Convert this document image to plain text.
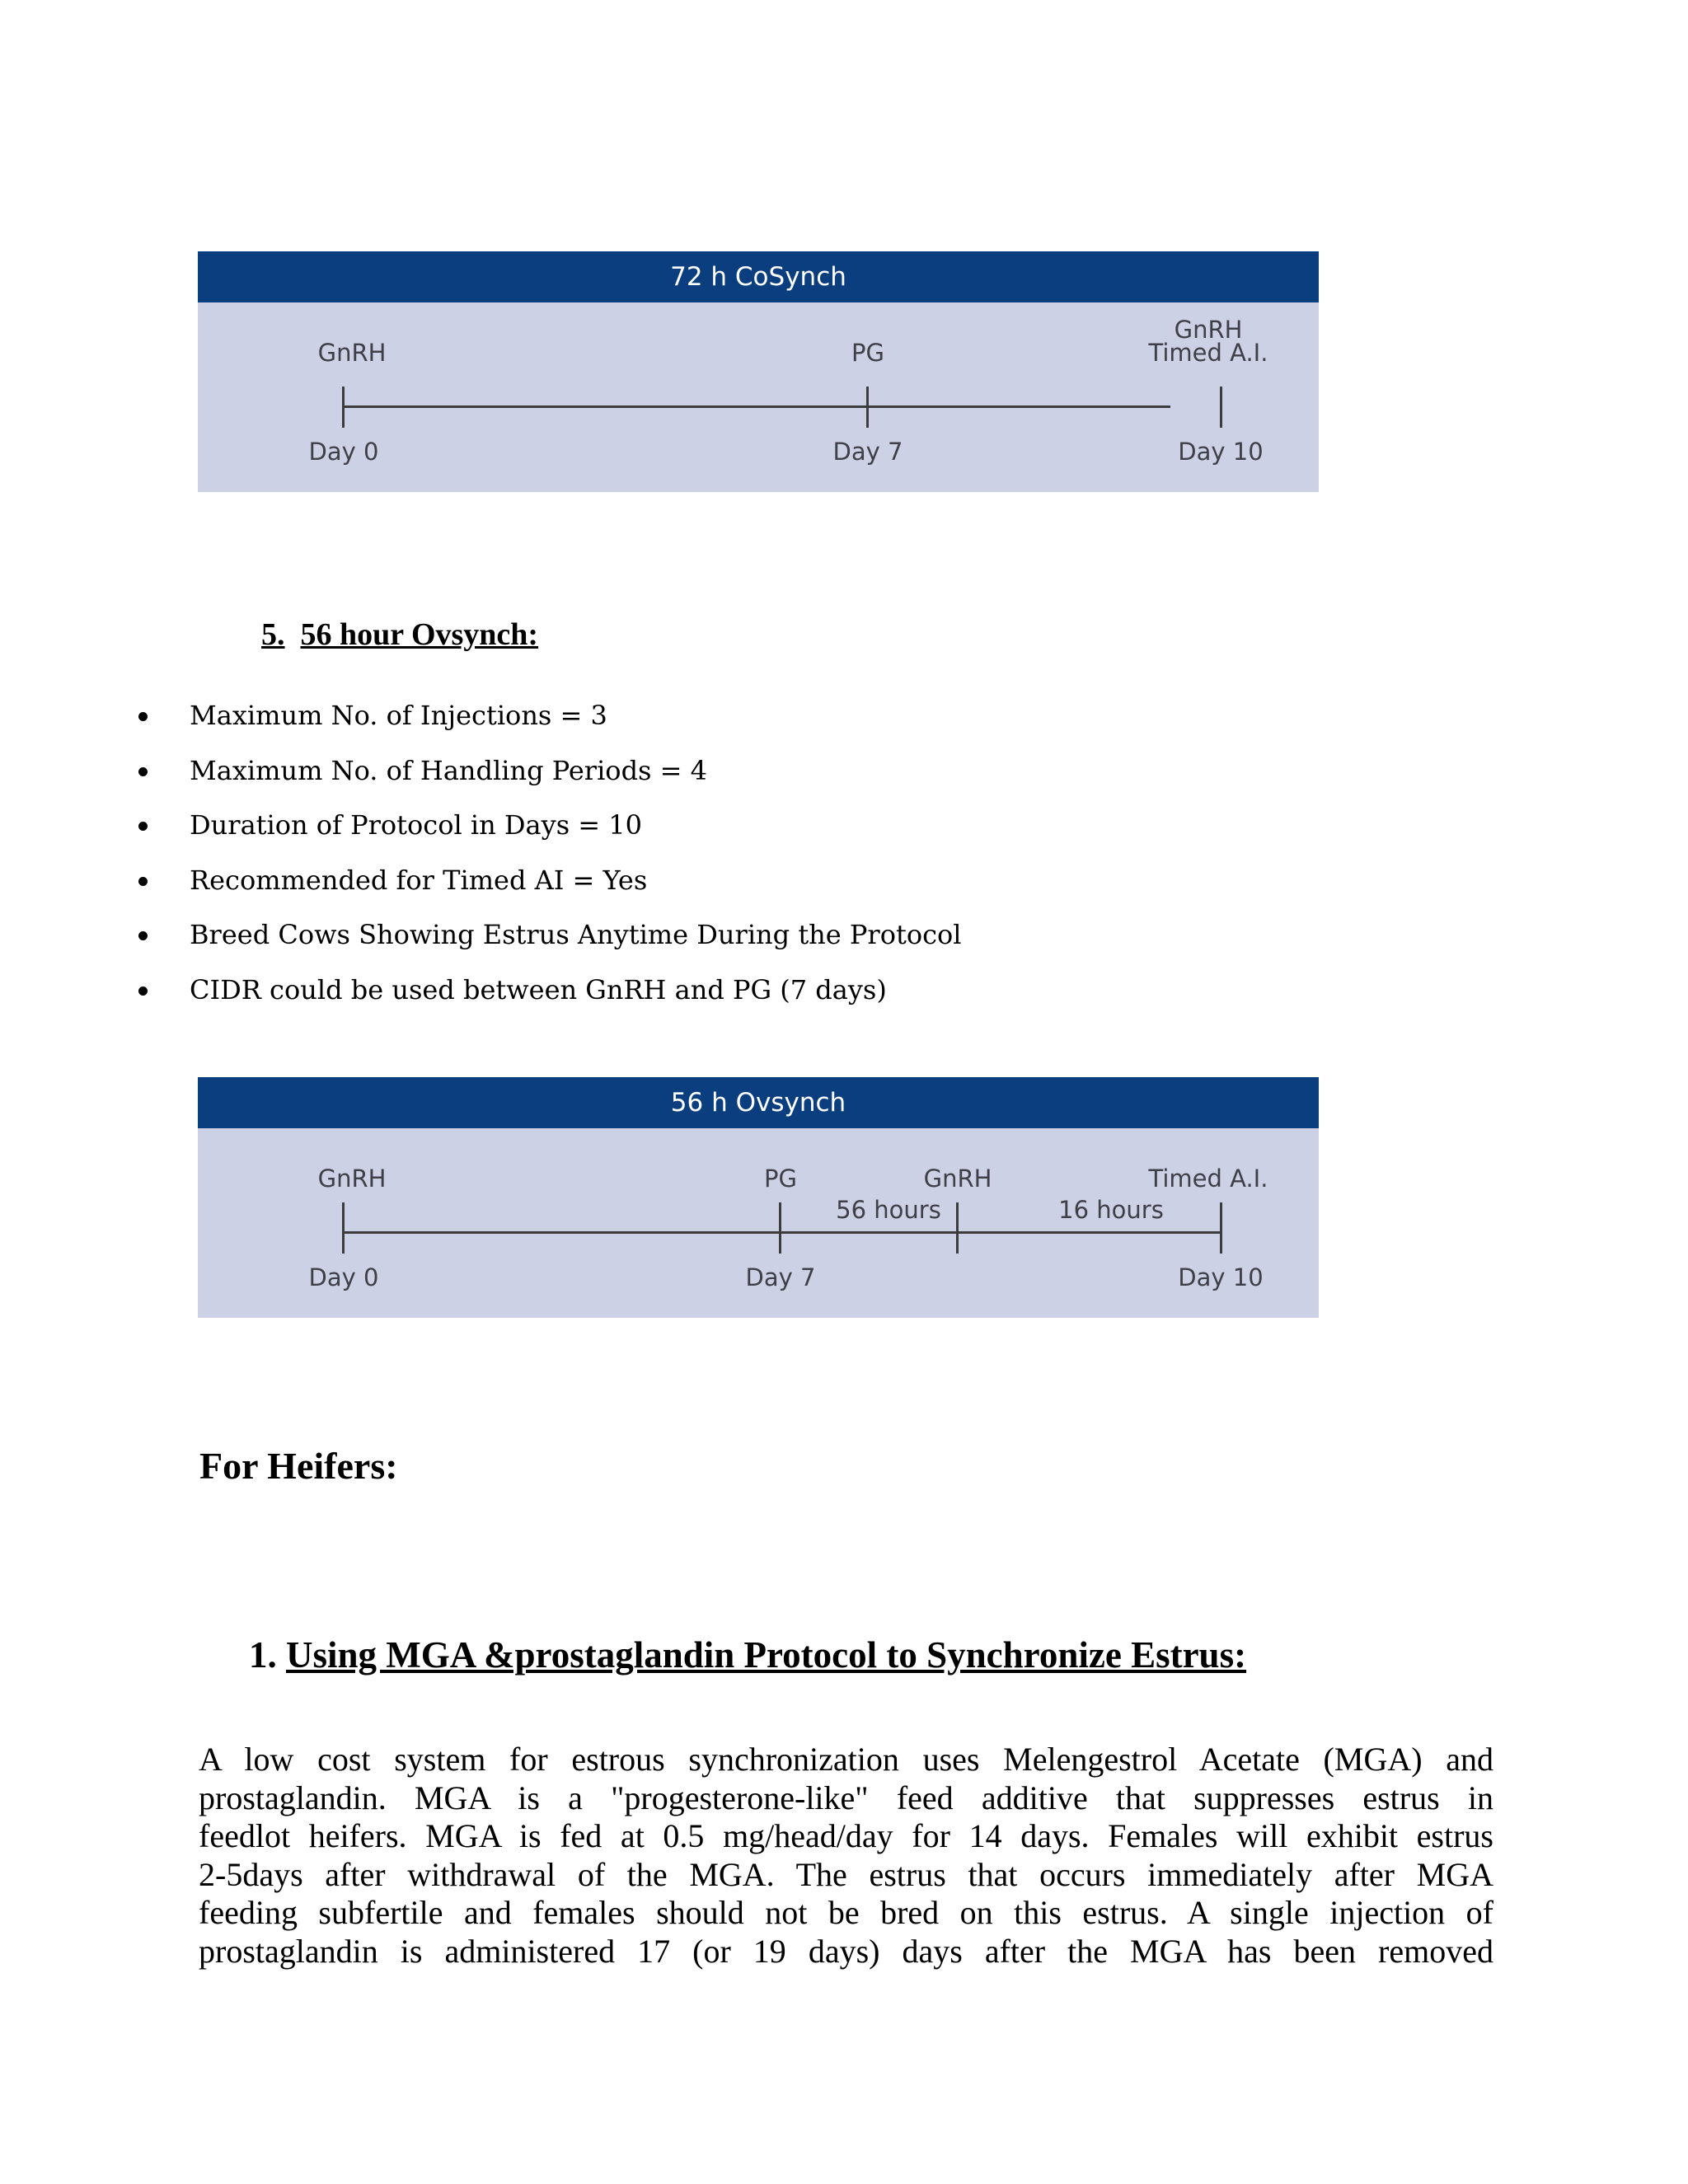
72 h CoSynch
GnRH	PG
GnRH
Timed A.I.
Day 0	Day 7	Day 10
5. 56 hour Ovsynch:
Maximum No. of Injections = 3
Maximum No. of Handling Periods = 4
Duration of Protocol in Days = 10
Recommended for Timed AI = Yes
Breed Cows Showing Estrus Anytime During the Protocol
CIDR could be used between GnRH and PG (7 days)
56 h Ovsynch
GnRH	PG	GnRH	Timed A.I.
56 hours	16 hours
Day 0	Day 7	Day 10
For Heifers:
1. Using MGA &prostaglandin Protocol to Synchronize Estrus:
A low cost system for estrous synchronization uses Melengestrol Acetate (MGA) and
prostaglandin. MGA is a "progesterone-like" feed additive that suppresses estrus in
feedlot heifers. MGA is fed at 0.5 mg/head/day for 14 days. Females will exhibit estrus
2-5days after withdrawal of the MGA. The estrus that occurs immediately after MGA
feeding subfertile and females should not be bred on this estrus. A single injection of
prostaglandin is administered 17 (or 19 days) days after the MGA has been removed
